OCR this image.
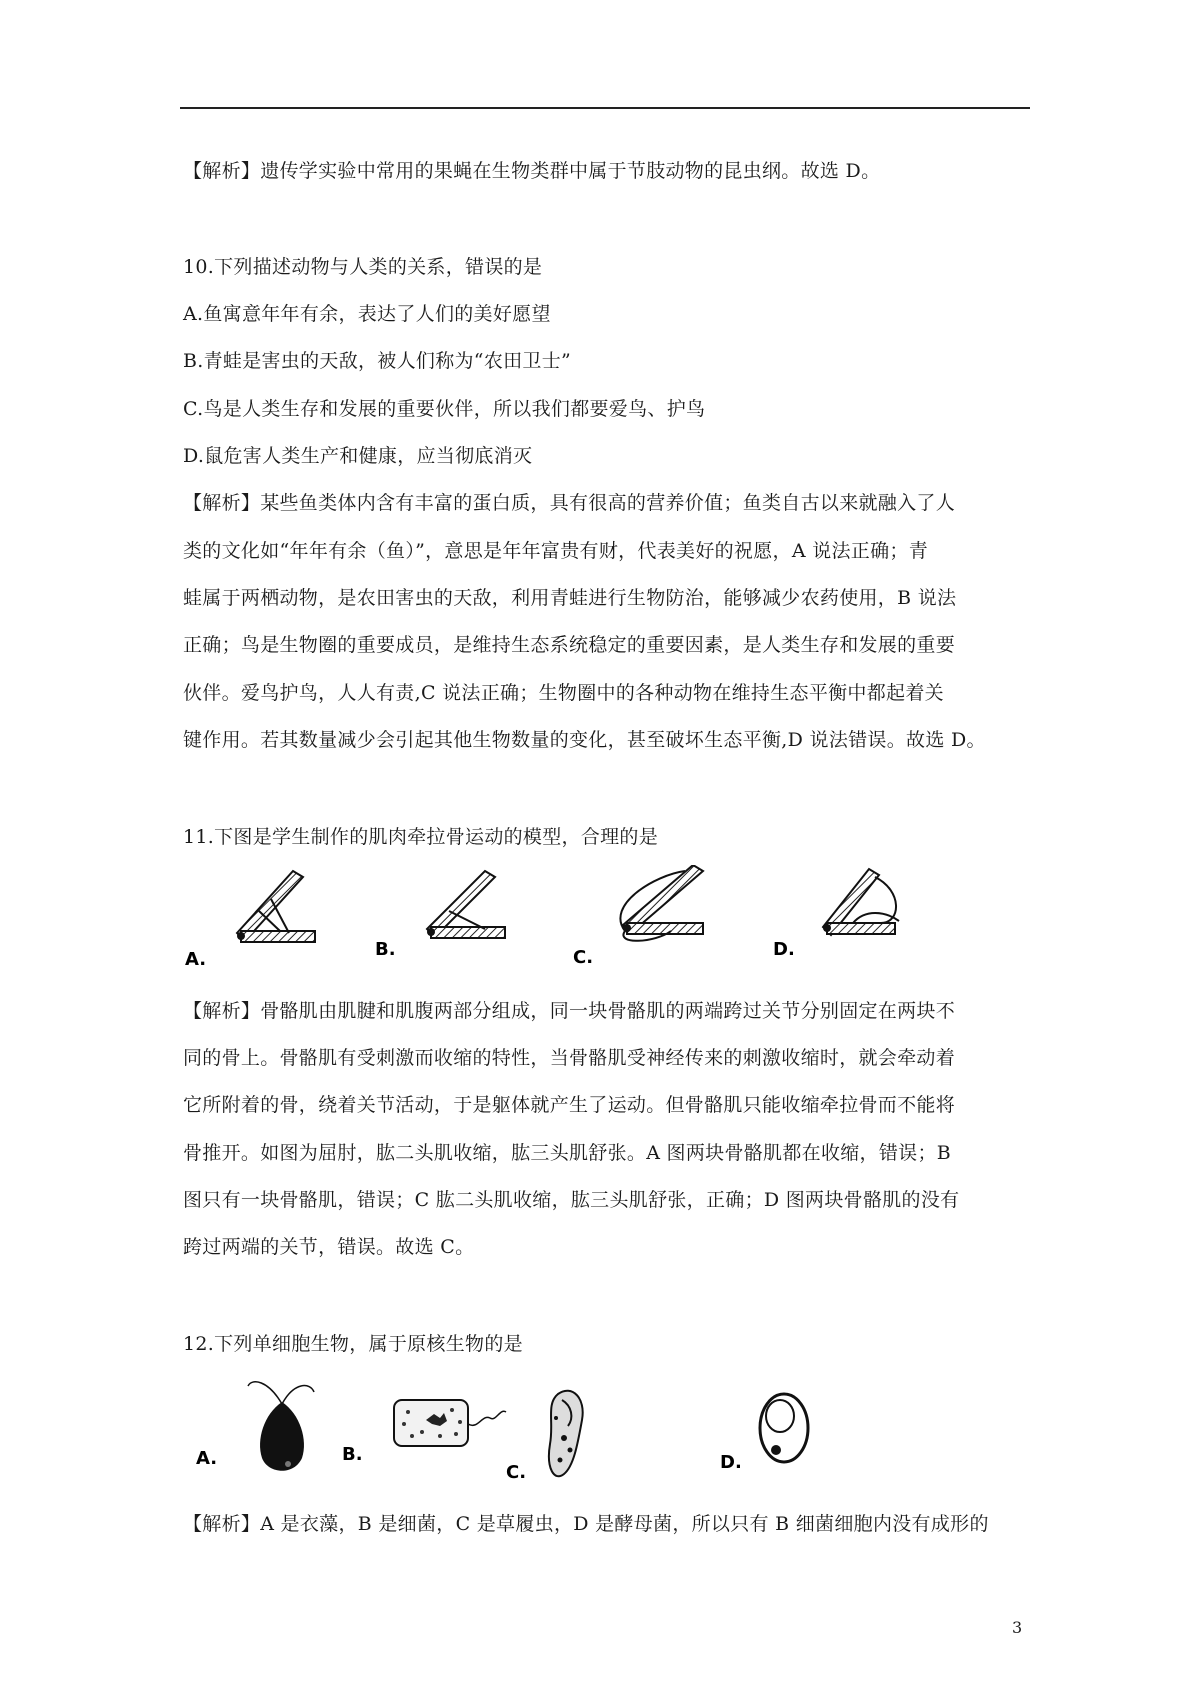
【解析】遗传学实验中常用的果蝇在生物类群中属于节肢动物的昆虫纲。故选 D。
10.下列描述动物与人类的关系，错误的是
A.鱼寓意年年有余，表达了人们的美好愿望
B.青蛙是害虫的天敌，被人们称为“农田卫士”
C.鸟是人类生存和发展的重要伙伴，所以我们都要爱鸟、护鸟
D.鼠危害人类生产和健康，应当彻底消灭
【解析】某些鱼类体内含有丰富的蛋白质，具有很高的营养价值；鱼类自古以来就融入了人
类的文化如“年年有余（鱼）”，意思是年年富贵有财，代表美好的祝愿，A 说法正确；青
蛙属于两栖动物，是农田害虫的天敌，利用青蛙进行生物防治，能够减少农药使用，B 说法
正确；鸟是生物圈的重要成员，是维持生态系统稳定的重要因素，是人类生存和发展的重要
伙伴。爱鸟护鸟，人人有责,C 说法正确；生物圈中的各种动物在维持生态平衡中都起着关
键作用。若其数量减少会引起其他生物数量的变化，甚至破坏生态平衡,D 说法错误。故选 D。
11.下图是学生制作的肌肉牵拉骨运动的模型，合理的是
A.	B.	C.	D.
【解析】骨骼肌由肌腱和肌腹两部分组成，同一块骨骼肌的两端跨过关节分别固定在两块不
同的骨上。骨骼肌有受刺激而收缩的特性，当骨骼肌受神经传来的刺激收缩时，就会牵动着
它所附着的骨，绕着关节活动，于是躯体就产生了运动。但骨骼肌只能收缩牵拉骨而不能将
骨推开。如图为屈肘，肱二头肌收缩，肱三头肌舒张。A 图两块骨骼肌都在收缩，错误；B
图只有一块骨骼肌，错误；C 肱二头肌收缩，肱三头肌舒张，正确；D 图两块骨骼肌的没有
跨过两端的关节，错误。故选 C。
12.下列单细胞生物，属于原核生物的是
A.	B.
C.	D.
【解析】A 是衣藻，B 是细菌，C 是草履虫，D 是酵母菌，所以只有 B 细菌细胞内没有成形的
3
